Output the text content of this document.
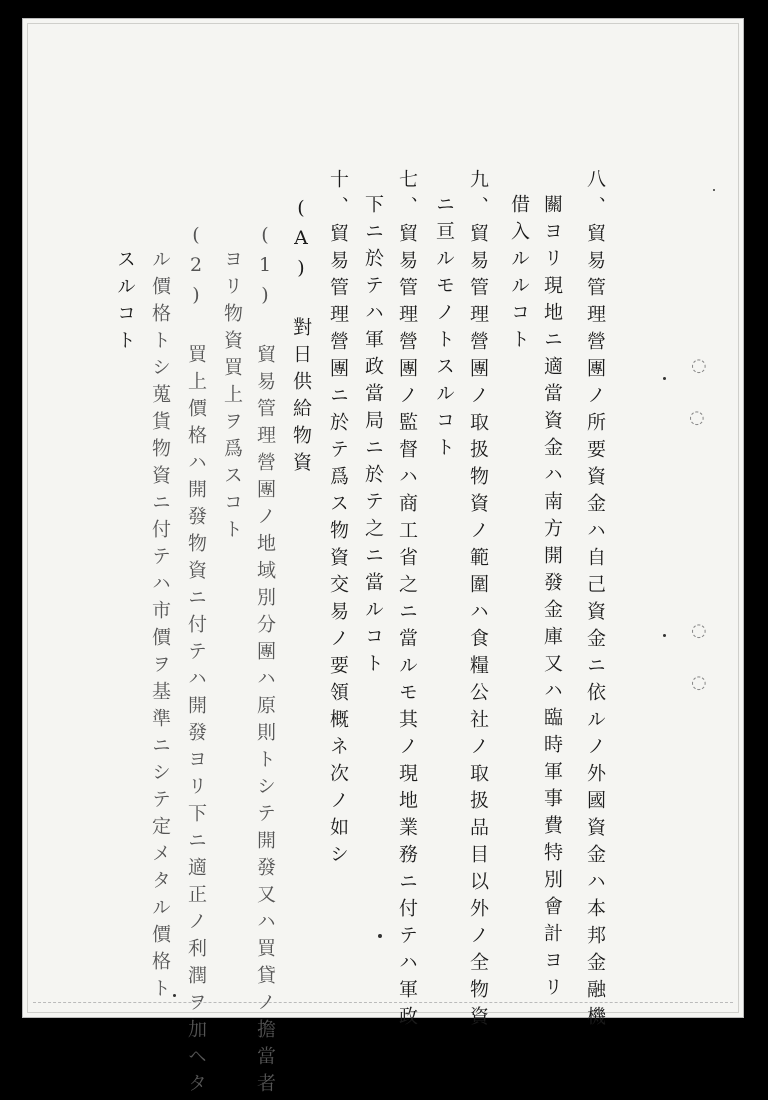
八、貿易管理營團ノ所要資金ハ自己資金ニ依ルノ外國資金ハ本邦金融機
關ヨリ現地ニ適當資金ハ南方開發金庫又ハ臨時軍事費特別會計ヨリ
借入ルルコト
九、貿易管理營團ノ取扱物資ノ範圍ハ食糧公社ノ取扱品目以外ノ全物資
ニ亘ルモノトスルコト
七、貿易管理營團ノ監督ハ商工省之ニ當ルモ其ノ現地業務ニ付テハ軍政
下ニ於テハ軍政當局ニ於テ之ニ當ルコト
十、貿易管理營團ニ於テ爲ス物資交易ノ要領概ネ次ノ如シ
(A) 對日供給物資
(1) 貿易管理營團ノ地域別分團ハ原則トシテ開發又ハ買貸ノ擔當者
ヨリ物資買上ヲ爲スコト
(2) 買上價格ハ開發物資ニ付テハ開發ヨリ下ニ適正ノ利潤ヲ加ヘタ
ル價格トシ蒐貨物資ニ付テハ市價ヲ基準ニシテ定メタル價格ト
スルコト
◌
◌
◌
◌
